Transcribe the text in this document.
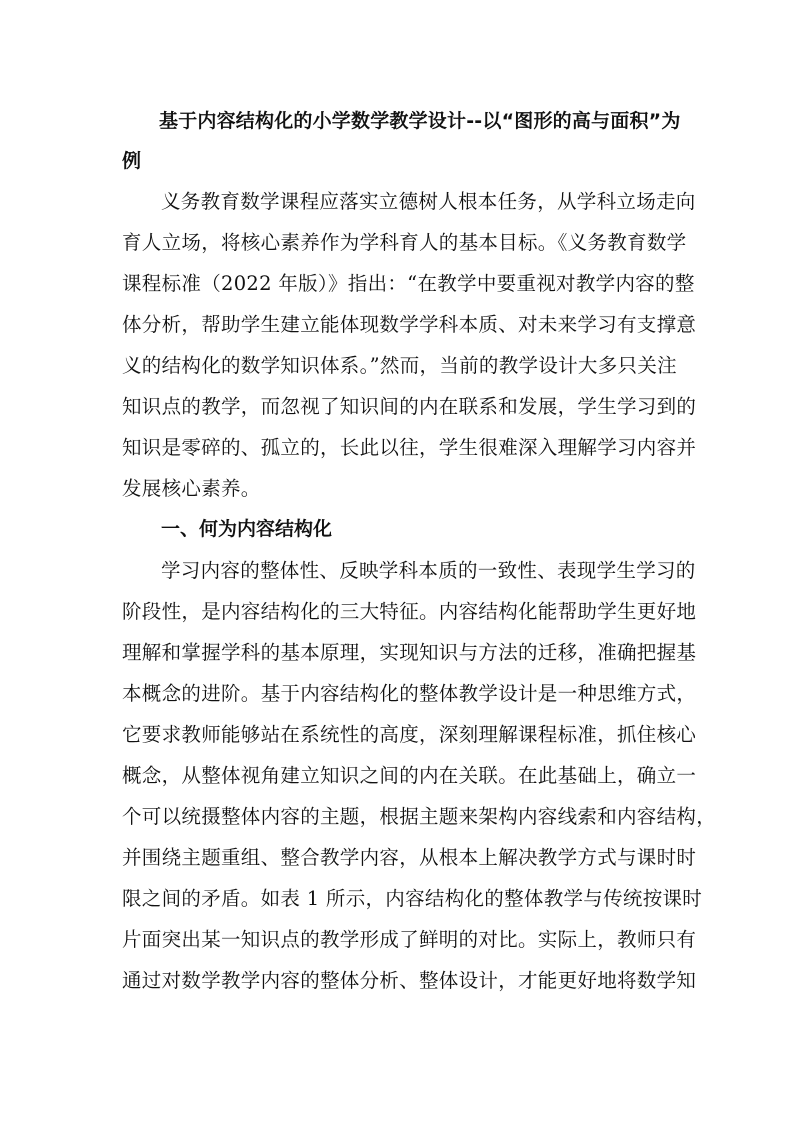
基于内容结构化的小学数学教学设计--以“图形的高与面积”为
例
义务教育数学课程应落实立德树人根本任务，从学科立场走向
育人立场，将核心素养作为学科育人的基本目标。《义务教育数学
课程标准（2022 年版）》指出：“在教学中要重视对教学内容的整
体分析，帮助学生建立能体现数学学科本质、对未来学习有支撑意
义的结构化的数学知识体系。”然而，当前的教学设计大多只关注
知识点的教学，而忽视了知识间的内在联系和发展，学生学习到的
知识是零碎的、孤立的，长此以往，学生很难深入理解学习内容并
发展核心素养。
一、何为内容结构化
学习内容的整体性、反映学科本质的一致性、表现学生学习的
阶段性，是内容结构化的三大特征。内容结构化能帮助学生更好地
理解和掌握学科的基本原理，实现知识与方法的迁移，准确把握基
本概念的进阶。基于内容结构化的整体教学设计是一种思维方式，
它要求教师能够站在系统性的高度，深刻理解课程标准，抓住核心
概念，从整体视角建立知识之间的内在关联。在此基础上，确立一
个可以统摄整体内容的主题，根据主题来架构内容线索和内容结构，
并围绕主题重组、整合教学内容，从根本上解决教学方式与课时时
限之间的矛盾。如表 1 所示，内容结构化的整体教学与传统按课时
片面突出某一知识点的教学形成了鲜明的对比。实际上，教师只有
通过对数学教学内容的整体分析、整体设计，才能更好地将数学知
